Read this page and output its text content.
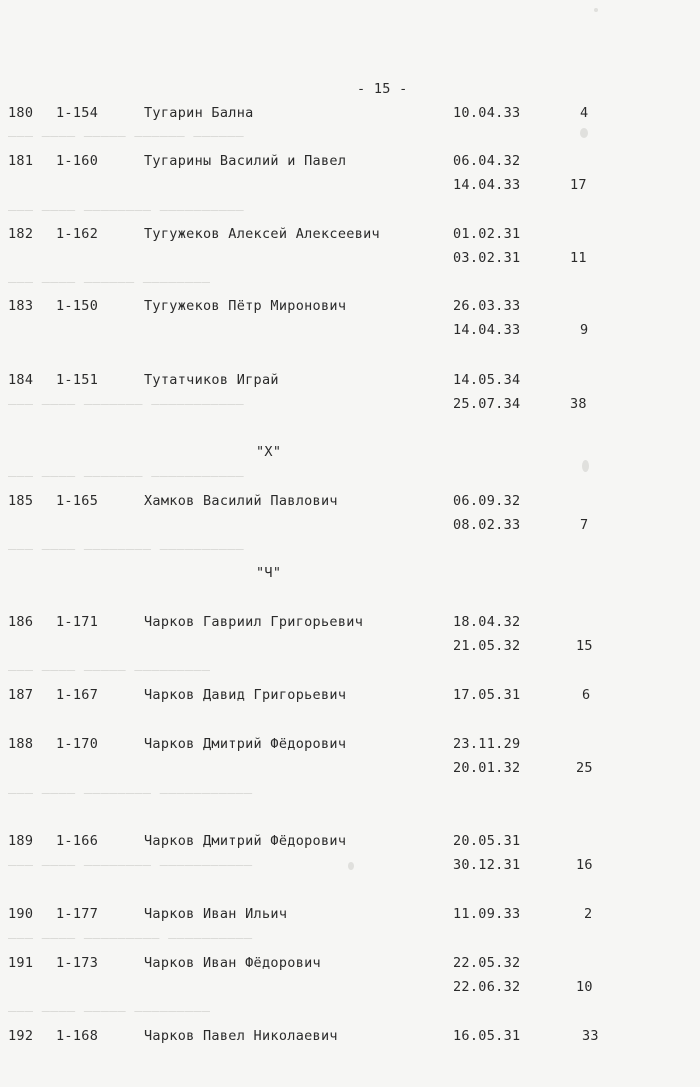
——— ———— ————— —————— ——————
——— ———— ———————— ——————————
——— ———— —————— ————————
——— ———— ——————— ———————————
——— ———— ——————— ———————————
——— ———— ———————— ——————————
——— ———— ————— —————————
——— ———— ———————— ———————————
——— ———— ———————— ———————————
——— ———— ————————— ——————————
——— ———— ————— —————————
- 15 -
180 1-154	Тугарин Бална	10.04.33	4
181 1-160	Тугарины Василий и Павел	06.04.32
14.04.33	17
182 1-162	Тугужеков Алексей Алексеевич	01.02.31
03.02.31	11
183 1-150	Тугужеков Пётр Миронович	26.03.33
14.04.33	9
184 1-151	Тутатчиков Играй	14.05.34
25.07.34	38
"Х"
185 1-165	Хамков Василий Павлович	06.09.32
08.02.33	7
"Ч"
186 1-171	Чарков Гавриил Григорьевич	18.04.32
21.05.32	15
187 1-167	Чарков Давид Григорьевич	17.05.31	6
188 1-170	Чарков Дмитрий Фёдорович	23.11.29
20.01.32	25
189 1-166	Чарков Дмитрий Фёдорович	20.05.31
30.12.31	16
190 1-177	Чарков Иван Ильич	11.09.33	2
191 1-173	Чарков Иван Фёдорович	22.05.32
22.06.32	10
192 1-168	Чарков Павел Николаевич	16.05.31	33
